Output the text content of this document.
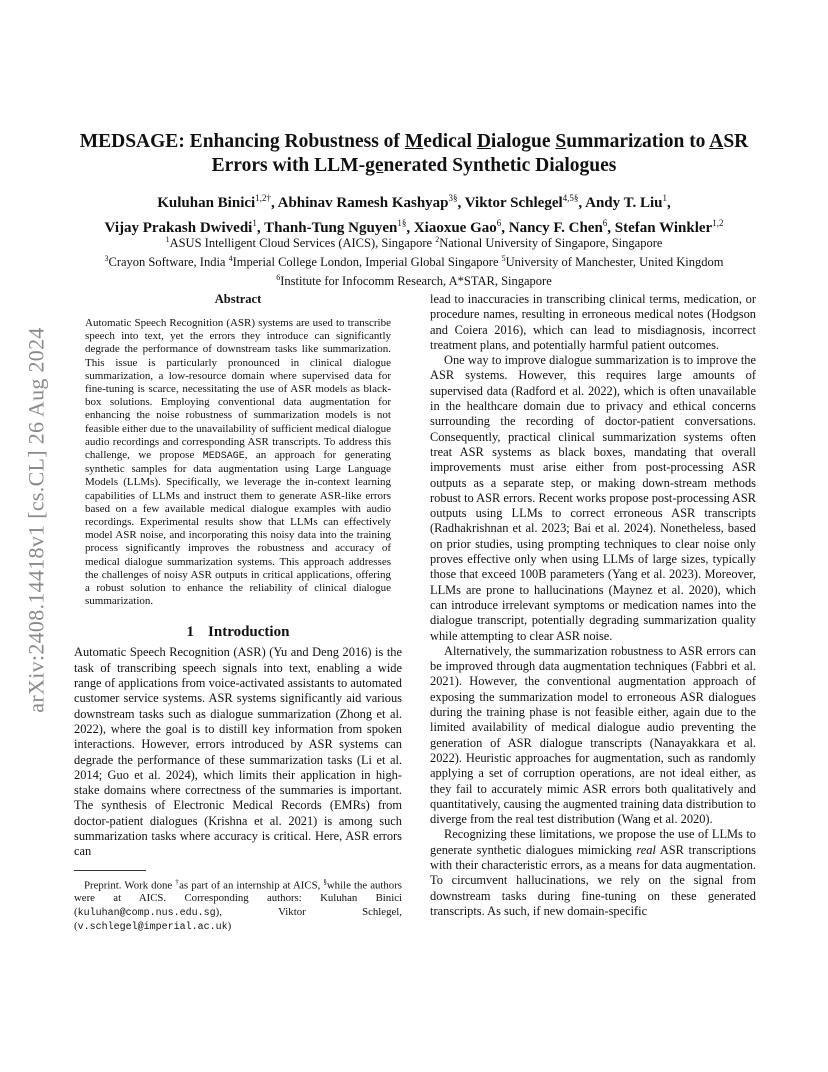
arXiv:2408.14418v1 [cs.CL] 26 Aug 2024
MEDSAGE: Enhancing Robustness of Medical Dialogue Summarization to ASR Errors with LLM-generated Synthetic Dialogues
Kuluhan Binici$^{1,2\dagger}$, Abhinav Ramesh Kashyap$^{3\S}$, Viktor Schlegel$^{4,5\S}$, Andy T. Liu$^1$,
Vijay Prakash Dwivedi$^1$, Thanh-Tung Nguyen$^{1\S}$, Xiaoxue Gao$^6$, Nancy F. Chen$^6$, Stefan Winkler$^{1,2}$
$^1$ASUS Intelligent Cloud Services (AICS), Singapore $^2$National University of Singapore, Singapore
$^3$Crayon Software, India $^4$Imperial College London, Imperial Global Singapore $^5$University of Manchester, United Kingdom
$^6$Institute for Infocomm Research, A*STAR, Singapore
Abstract

Automatic Speech Recognition (ASR) systems are used to transcribe speech into text, yet the errors they introduce can significantly degrade the performance of downstream tasks like summarization. This issue is particularly pronounced in clinical dialogue summarization, a low-resource domain where supervised data for fine-tuning is scarce, necessitating the use of ASR models as black-box solutions. Employing conventional data augmentation for enhancing the noise robustness of summarization models is not feasible either due to the unavailability of sufficient medical dialogue audio recordings and corresponding ASR transcripts. To address this challenge, we propose MEDSAGE, an approach for generating synthetic samples for data augmentation using Large Language Models (LLMs). Specifically, we leverage the in-context learning capabilities of LLMs and instruct them to generate ASR-like errors based on a few available medical dialogue examples with audio recordings. Experimental results show that LLMs can effectively model ASR noise, and incorporating this noisy data into the training process significantly improves the robustness and accuracy of medical dialogue summarization systems. This approach addresses the challenges of noisy ASR outputs in critical applications, offering a robust solution to enhance the reliability of clinical dialogue summarization.

1 Introduction

Automatic Speech Recognition (ASR) (Yu and Deng 2016) is the task of transcribing speech signals into text, enabling a wide range of applications from voice-activated assistants to automated customer service systems. ASR systems significantly aid various downstream tasks such as dialogue summarization (Zhong et al. 2022), where the goal is to distill key information from spoken interactions. However, errors introduced by ASR systems can degrade the performance of these summarization tasks (Li et al. 2014; Guo et al. 2024), which limits their application in high-stake domains where correctness of the summaries is important. The synthesis of Electronic Medical Records (EMRs) from doctor-patient dialogues (Krishna et al. 2021) is among such summarization tasks where accuracy is critical. Here, ASR errors can

Preprint. Work done †as part of an internship at AICS, §while the authors were at AICS. Corresponding authors: Kuluhan Binici (kuluhan@comp.nus.edu.sg), Viktor Schlegel, (v.schlegel@imperial.ac.uk)

lead to inaccuracies in transcribing clinical terms, medication, or procedure names, resulting in erroneous medical notes (Hodgson and Coiera 2016), which can lead to misdiagnosis, incorrect treatment plans, and potentially harmful patient outcomes.

One way to improve dialogue summarization is to improve the ASR systems. However, this requires large amounts of supervised data (Radford et al. 2022), which is often unavailable in the healthcare domain due to privacy and ethical concerns surrounding the recording of doctor-patient conversations. Consequently, practical clinical summarization systems often treat ASR systems as black boxes, mandating that overall improvements must arise either from post-processing ASR outputs as a separate step, or making down-stream methods robust to ASR errors. Recent works propose post-processing ASR outputs using LLMs to correct erroneous ASR transcripts (Radhakrishnan et al. 2023; Bai et al. 2024). Nonetheless, based on prior studies, using prompting techniques to clear noise only proves effective only when using LLMs of large sizes, typically those that exceed 100B parameters (Yang et al. 2023). Moreover, LLMs are prone to hallucinations (Maynez et al. 2020), which can introduce irrelevant symptoms or medication names into the dialogue transcript, potentially degrading summarization quality while attempting to clear ASR noise.

Alternatively, the summarization robustness to ASR errors can be improved through data augmentation techniques (Fabbri et al. 2021). However, the conventional augmentation approach of exposing the summarization model to erroneous ASR dialogues during the training phase is not feasible either, again due to the limited availability of medical dialogue audio preventing the generation of ASR dialogue transcripts (Nanayakkara et al. 2022). Heuristic approaches for augmentation, such as randomly applying a set of corruption operations, are not ideal either, as they fail to accurately mimic ASR errors both qualitatively and quantitatively, causing the augmented training data distribution to diverge from the real test distribution (Wang et al. 2020).

Recognizing these limitations, we propose the use of LLMs to generate synthetic dialogues mimicking real ASR transcriptions with their characteristic errors, as a means for data augmentation. To circumvent hallucinations, we rely on the signal from downstream tasks during fine-tuning on these generated transcripts. As such, if new domain-specific
